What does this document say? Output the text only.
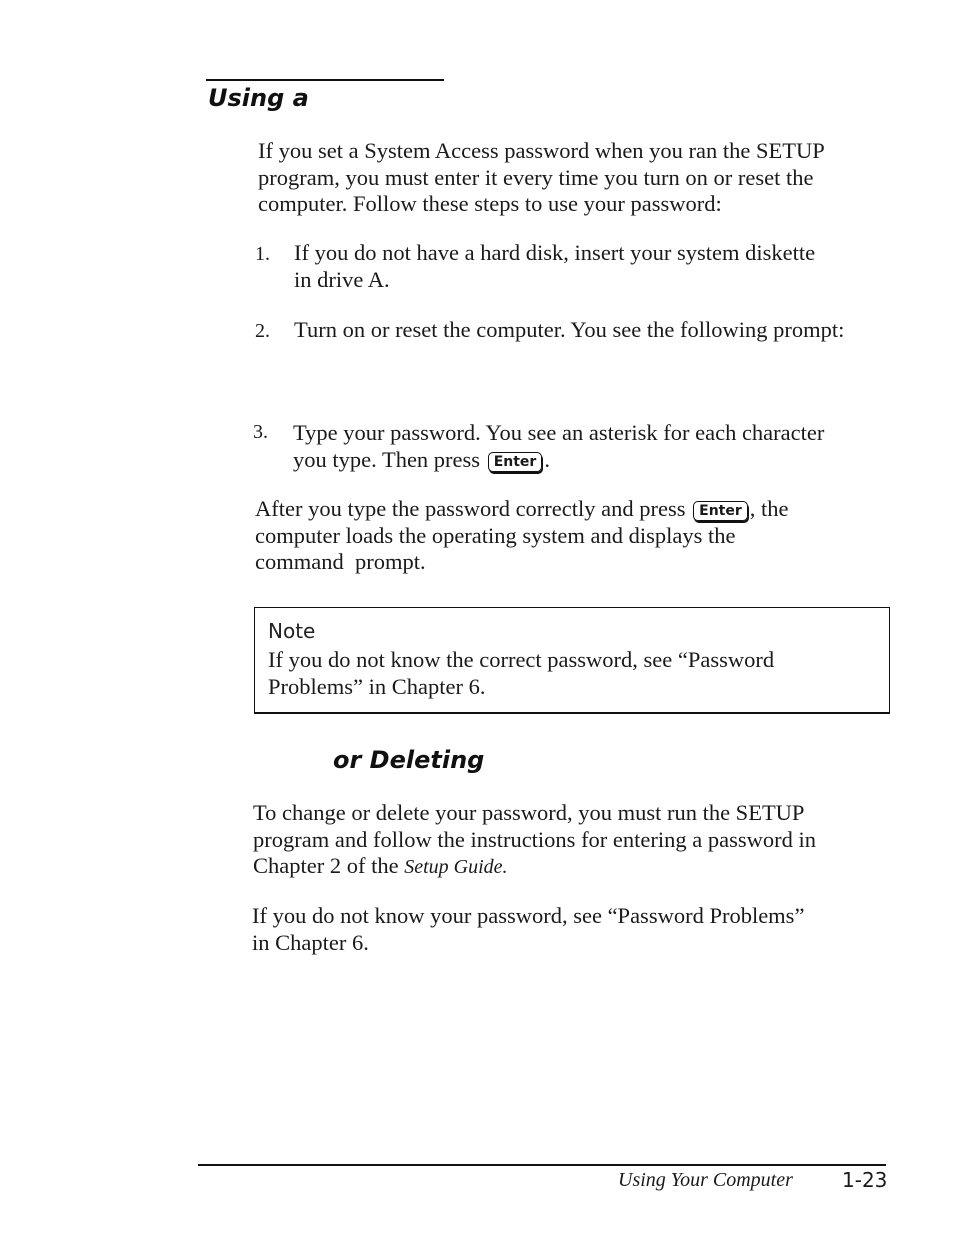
Using a
If you set a System Access password when you ran the SETUP
program, you must enter it every time you turn on or reset the
computer. Follow these steps to use your password:
1. If you do not have a hard disk, insert your system diskette
in drive A.
2. Turn on or reset the computer. You see the following prompt:
3. Type your password. You see an asterisk for each character
you type. Then press Enter .
After you type the password correctly and press Enter , the
computer loads the operating system and displays the
command  prompt.
Note
If you do not know the correct password, see “Password
Problems” in Chapter 6.
or Deleting
To change or delete your password, you must run the SETUP
program and follow the instructions for entering a password in
Chapter 2 of the Setup Guide.
If you do not know your password, see “Password Problems”
in Chapter 6.
Using Your Computer 1-23
